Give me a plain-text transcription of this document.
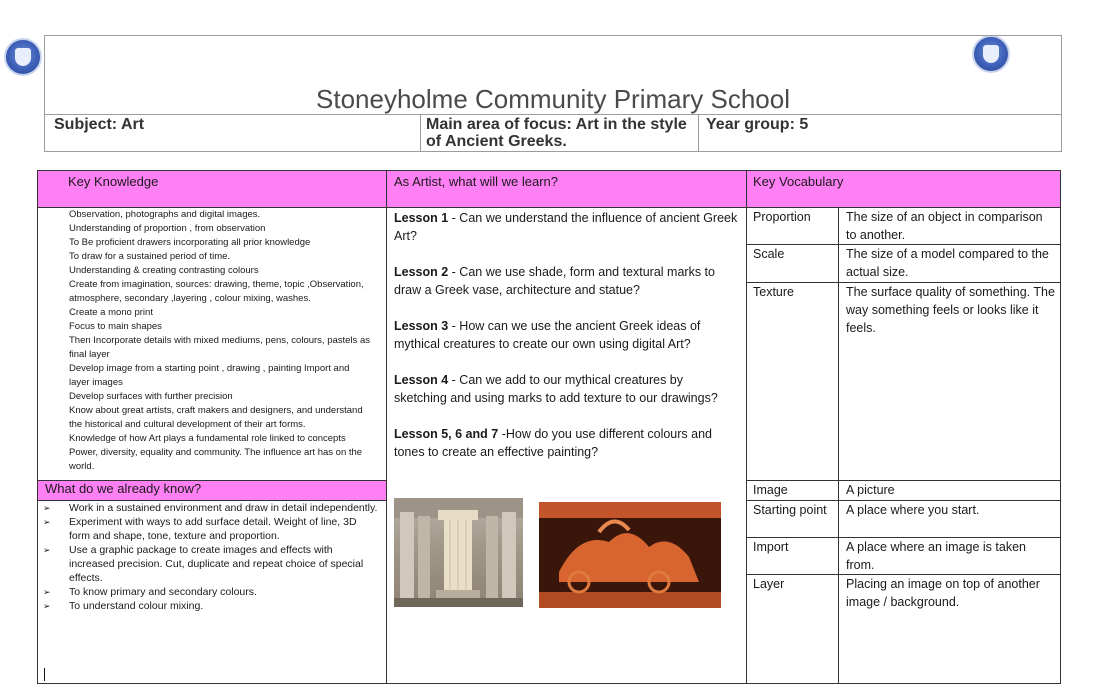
Stoneyholme Community Primary School
Subject: Art	Main area of focus: Art in the style
of Ancient Greeks.
Year group: 5
Key Knowledge	As Artist, what will we learn?	Key Vocabulary
Observation, photographs and digital images.
Understanding of proportion , from observation
To Be proficient drawers incorporating all prior knowledge
To draw for a sustained period of time.
Understanding & creating contrasting colours
Create from imagination, sources: drawing, theme, topic ,Observation,
atmosphere, secondary ,layering , colour mixing, washes.
Create a mono print
Focus to main shapes
Then Incorporate details with mixed mediums, pens, colours, pastels as
final layer
Develop image from a starting point , drawing , painting Import and
layer images
Develop surfaces with further precision
Know about great artists, craft makers and designers, and understand
the historical and cultural development of their art forms.
Knowledge of how Art plays a fundamental role linked to concepts
Power, diversity, equality and community. The influence art has on the
world.
What do we already know?
➢ Work in a sustained environment and draw in detail independently.
➢ Experiment with ways to add surface detail. Weight of line, 3D form and shape, tone, texture and proportion.
➢ Use a graphic package to create images and effects with increased precision. Cut, duplicate and repeat choice of special effects.
➢ To know primary and secondary colours.
➢ To understand colour mixing.

Lesson 1 - Can we understand the influence of ancient Greek Art?

Lesson 2 - Can we use shade, form and textural marks to draw a Greek vase, architecture and statue?

Lesson 3 - How can we use the ancient Greek ideas of mythical creatures to create our own using digital Art?

Lesson 4 - Can we add to our mythical creatures by sketching and using marks to add texture to our drawings?

Lesson 5, 6 and 7 -How do you use different colours and tones to create an effective painting?

Proportion	The size of an object in comparison to another.
Scale	The size of a model compared to the actual size.
Texture	The surface quality of something. The way something feels or looks like it feels.
Image	A picture
Starting point	A place where you start.
Import	A place where an image is taken from.
Layer	Placing an image on top of another image / background.
